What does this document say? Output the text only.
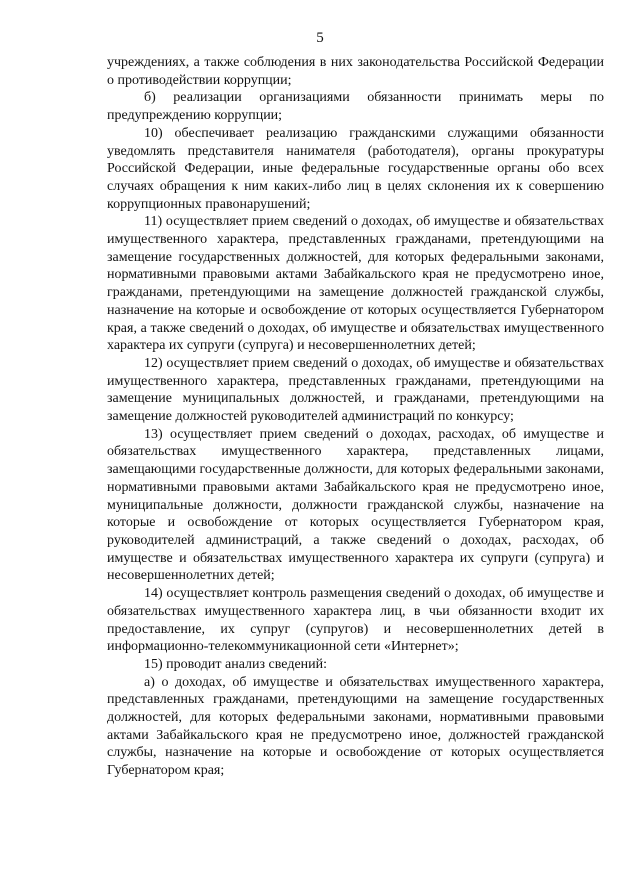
5

учреждениях, а также соблюдения в них законодательства Российской Федерации о противодействии коррупции;

б) реализации организациями обязанности принимать меры по предупреждению коррупции;

10) обеспечивает реализацию гражданскими служащими обязанности уведомлять представителя нанимателя (работодателя), органы прокуратуры Российской Федерации, иные федеральные государственные органы обо всех случаях обращения к ним каких-либо лиц в целях склонения их к совершению коррупционных правонарушений;

11) осуществляет прием сведений о доходах, об имуществе и обязательствах имущественного характера, представленных гражданами, претендующими на замещение государственных должностей, для которых федеральными законами, нормативными правовыми актами Забайкальского края не предусмотрено иное, гражданами, претендующими на замещение должностей гражданской службы, назначение на которые и освобождение от которых осуществляется Губернатором края, а также сведений о доходах, об имуществе и обязательствах имущественного характера их супруги (супруга) и несовершеннолетних детей;

12) осуществляет прием сведений о доходах, об имуществе и обязательствах имущественного характера, представленных гражданами, претендующими на замещение муниципальных должностей, и гражданами, претендующими на замещение должностей руководителей администраций по конкурсу;

13) осуществляет прием сведений о доходах, расходах, об имуществе и обязательствах имущественного характера, представленных лицами, замещающими государственные должности, для которых федеральными законами, нормативными правовыми актами Забайкальского края не предусмотрено иное, муниципальные должности, должности гражданской службы, назначение на которые и освобождение от которых осуществляется Губернатором края, руководителей администраций, а также сведений о доходах, расходах, об имуществе и обязательствах имущественного характера их супруги (супруга) и несовершеннолетних детей;

14) осуществляет контроль размещения сведений о доходах, об имуществе и обязательствах имущественного характера лиц, в чьи обязанности входит их предоставление, их супруг (супругов) и несовершеннолетних детей в информационно-телекоммуникационной сети «Интернет»;

15) проводит анализ сведений:

а) о доходах, об имуществе и обязательствах имущественного характера, представленных гражданами, претендующими на замещение государственных должностей, для которых федеральными законами, нормативными правовыми актами Забайкальского края не предусмотрено иное, должностей гражданской службы, назначение на которые и освобождение от которых осуществляется Губернатором края;
